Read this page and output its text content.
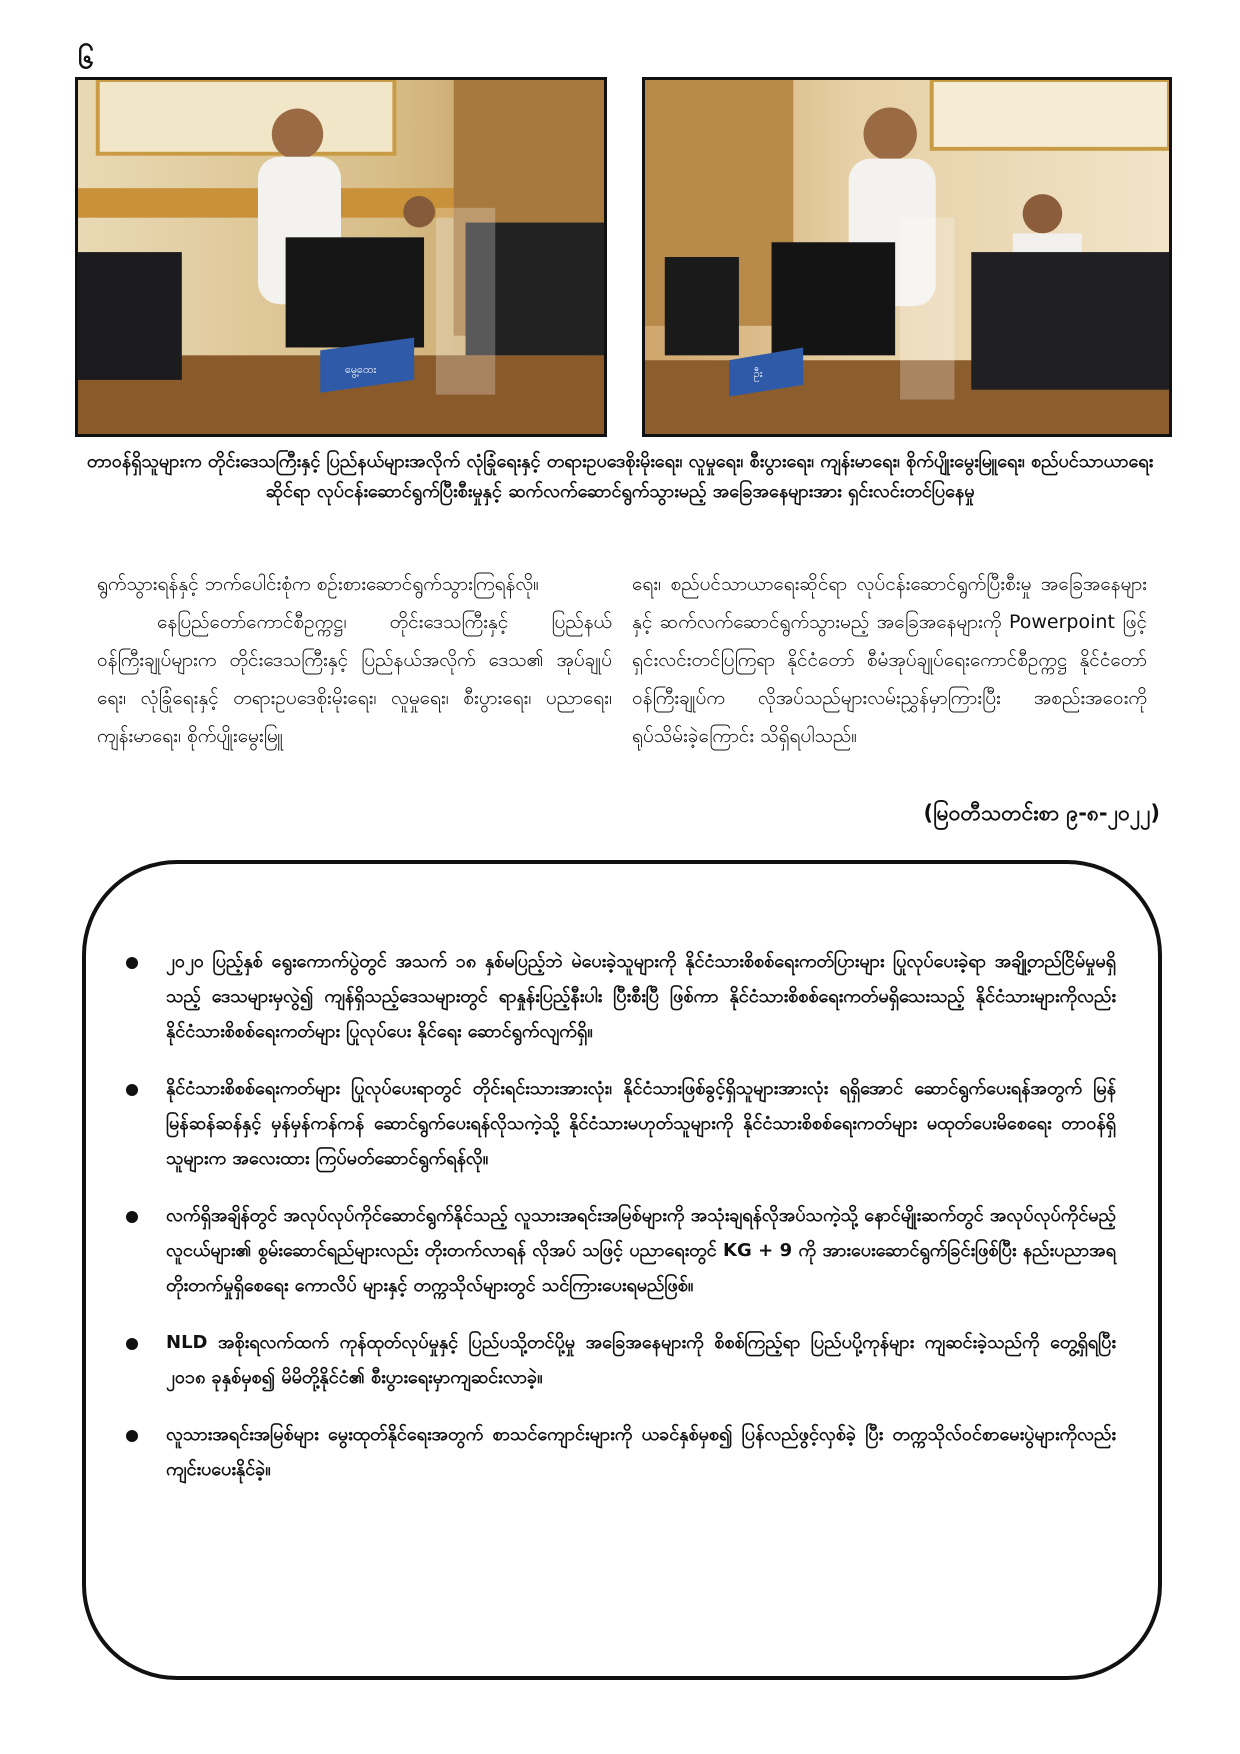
၆
မွေ့ထေး	ဦး
တာဝန်ရှိသူများက တိုင်းဒေသကြီးနှင့် ပြည်နယ်များအလိုက် လုံခြုံရေးနှင့် တရားဥပဒေစိုးမိုးရေး၊ လူမှုရေး၊ စီးပွားရေး၊ ကျန်းမာရေး၊ စိုက်ပျိုးမွေးမြူရေး၊ စည်ပင်သာယာရေးဆိုင်ရာ လုပ်ငန်းဆောင်ရွက်ပြီးစီးမှုနှင့် ဆက်လက်ဆောင်ရွက်သွားမည့် အခြေအနေများအား ရှင်းလင်းတင်ပြနေမှု

ရွက်သွားရန်နှင့် ဘက်ပေါင်းစုံက စဉ်းစားဆောင်ရွက်သွားကြရန်လို။

နေပြည်တော်ကောင်စီဥက္ကဋ္ဌ၊ တိုင်းဒေသကြီးနှင့် ပြည်နယ်ဝန်ကြီးချုပ်များက တိုင်းဒေသကြီးနှင့် ပြည်နယ်အလိုက် ဒေသ၏ အုပ်ချုပ်ရေး၊ လုံခြုံရေးနှင့် တရားဥပဒေစိုးမိုးရေး၊ လူမှုရေး၊ စီးပွားရေး၊ ပညာရေး၊ ကျန်းမာရေး၊ စိုက်ပျိုးမွေးမြူ

ရေး၊ စည်ပင်သာယာရေးဆိုင်ရာ လုပ်ငန်းဆောင်ရွက်ပြီးစီးမှု အခြေအနေများနှင့် ဆက်လက်ဆောင်ရွက်သွားမည့် အခြေအနေများကို Powerpoint ဖြင့် ရှင်းလင်းတင်ပြကြရာ နိုင်ငံတော် စီမံအုပ်ချုပ်ရေးကောင်စီဥက္ကဋ္ဌ နိုင်ငံတော်ဝန်ကြီးချုပ်က လိုအပ်သည်များလမ်းညွှန်မှာကြားပြီး အစည်းအဝေးကို ရုပ်သိမ်းခဲ့ကြောင်း သိရှိရပါသည်။

(မြဝတီသတင်းစာ ၉-၈-၂၀၂၂)
၂၀၂၀ ပြည့်နှစ် ရွေးကောက်ပွဲတွင် အသက် ၁၈ နှစ်မပြည့်ဘဲ မဲပေးခဲ့သူများကို နိုင်ငံသားစိစစ်ရေးကတ်ပြားများ ပြုလုပ်ပေးခဲ့ရာ အချို့တည်ငြိမ်မှုမရှိသည့် ဒေသများမှလွဲ၍ ကျန်ရှိသည့်ဒေသများတွင် ရာနှုန်းပြည့်နီးပါး ပြီးစီးပြီ ဖြစ်ကာ နိုင်ငံသားစိစစ်ရေးကတ်မရှိသေးသည့် နိုင်ငံသားများကိုလည်း နိုင်ငံသားစိစစ်ရေးကတ်များ ပြုလုပ်ပေး နိုင်ရေး ဆောင်ရွက်လျက်ရှိ။
နိုင်ငံသားစိစစ်ရေးကတ်များ ပြုလုပ်ပေးရာတွင် တိုင်းရင်းသားအားလုံး၊ နိုင်ငံသားဖြစ်ခွင့်ရှိသူများအားလုံး ရရှိအောင် ဆောင်ရွက်ပေးရန်အတွက် မြန်မြန်ဆန်ဆန်နှင့် မှန်မှန်ကန်ကန် ဆောင်ရွက်ပေးရန်လိုသကဲ့သို့ နိုင်ငံသားမဟုတ်သူများကို နိုင်ငံသားစိစစ်ရေးကတ်များ မထုတ်ပေးမိစေရေး တာဝန်ရှိသူများက အလေးထား ကြပ်မတ်ဆောင်ရွက်ရန်လို။
လက်ရှိအချိန်တွင် အလုပ်လုပ်ကိုင်ဆောင်ရွက်နိုင်သည့် လူသားအရင်းအမြစ်များကို အသုံးချရန်လိုအပ်သကဲ့သို့ နောင်မျိုးဆက်တွင် အလုပ်လုပ်ကိုင်မည့် လူငယ်များ၏ စွမ်းဆောင်ရည်များလည်း တိုးတက်လာရန် လိုအပ် သဖြင့် ပညာရေးတွင် KG + 9 ကို အားပေးဆောင်ရွက်ခြင်းဖြစ်ပြီး နည်းပညာအရ တိုးတက်မှုရှိစေရေး ကောလိပ် များနှင့် တက္ကသိုလ်များတွင် သင်ကြားပေးရမည်ဖြစ်။
NLD အစိုးရလက်ထက် ကုန်ထုတ်လုပ်မှုနှင့် ပြည်ပသို့တင်ပို့မှု အခြေအနေများကို စိစစ်ကြည့်ရာ ပြည်ပပို့ကုန်များ ကျဆင်းခဲ့သည်ကို တွေ့ရှိရပြီး ၂၀၁၈ ခုနှစ်မှစ၍ မိမိတို့နိုင်ငံ၏ စီးပွားရေးမှာကျဆင်းလာခဲ့။
လူသားအရင်းအမြစ်များ မွေးထုတ်နိုင်ရေးအတွက် စာသင်ကျောင်းများကို ယခင်နှစ်မှစ၍ ပြန်လည်ဖွင့်လှစ်ခဲ့ ပြီး တက္ကသိုလ်ဝင်စာမေးပွဲများကိုလည်း ကျင်းပပေးနိုင်ခဲ့။
